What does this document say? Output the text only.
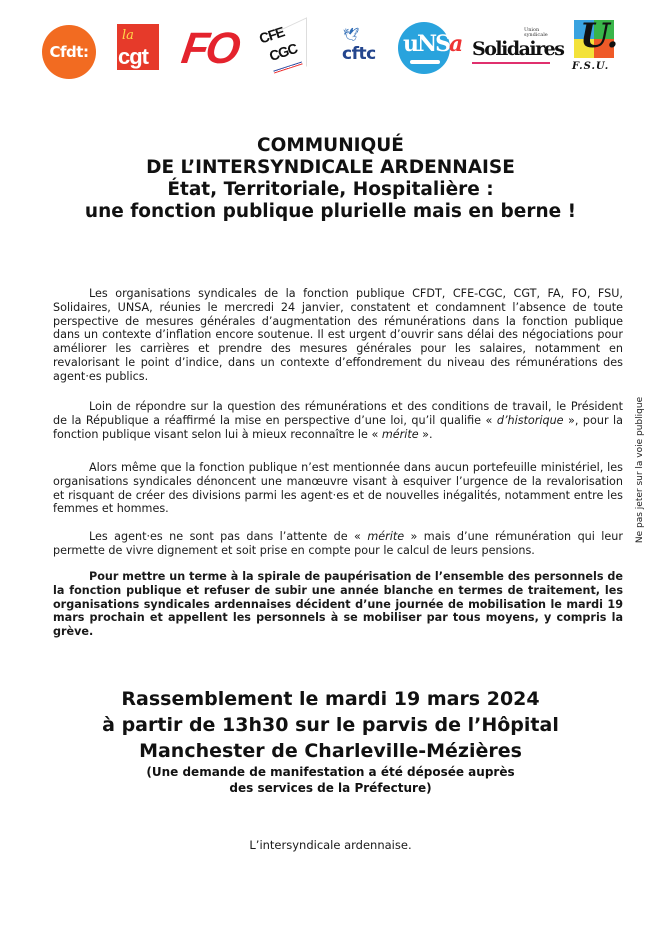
Cfdt:
la
cgt FO CFE
CGC
🕊︎
cftc uNSa
Union syndicale
Solidaires U.
F.S.U.
COMMUNIQUÉ
DE L’INTERSYNDICALE ARDENNAISE
État, Territoriale, Hospitalière :
une fonction publique plurielle mais en berne !

Les organisations syndicales de la fonction publique CFDT, CFE-CGC, CGT, FA, FO, FSU, Solidaires, UNSA, réunies le mercredi 24 janvier, constatent et condamnent l’absence de toute perspective de mesures générales d’augmentation des rémunérations dans la fonction publique dans un contexte d’inflation encore soutenue. Il est urgent d’ouvrir sans délai des négociations pour améliorer les carrières et prendre des mesures générales pour les salaires, notamment en revalorisant le point d’indice, dans un contexte d’effondrement du niveau des rémunérations des agent·es publics.

Loin de répondre sur la question des rémunérations et des conditions de travail, le Président de la République a réaffirmé la mise en perspective d’une loi, qu’il qualifie « d’historique », pour la fonction publique visant selon lui à mieux reconnaître le « mérite ».

Alors même que la fonction publique n’est mentionnée dans aucun portefeuille ministériel, les organisations syndicales dénoncent une manœuvre visant à esquiver l’urgence de la revalorisation et risquant de créer des divisions parmi les agent·es et de nouvelles inégalités, notamment entre les femmes et hommes.

Les agent·es ne sont pas dans l’attente de « mérite » mais d’une rémunération qui leur permette de vivre dignement et soit prise en compte pour le calcul de leurs pensions.

Pour mettre un terme à la spirale de paupérisation de l’ensemble des personnels de la fonction publique et refuser de subir une année blanche en termes de traitement, les organisations syndicales ardennaises décident d’une journée de mobilisation le mardi 19 mars prochain et appellent les personnels à se mobiliser par tous moyens, y compris la grève.

Rassemblement le mardi 19 mars 2024
à partir de 13h30 sur le parvis de l’Hôpital
Manchester de Charleville-Mézières
(Une demande de manifestation a été déposée auprès
des services de la Préfecture)
L’intersyndicale ardennaise.
Ne pas jeter sur la voie publique
